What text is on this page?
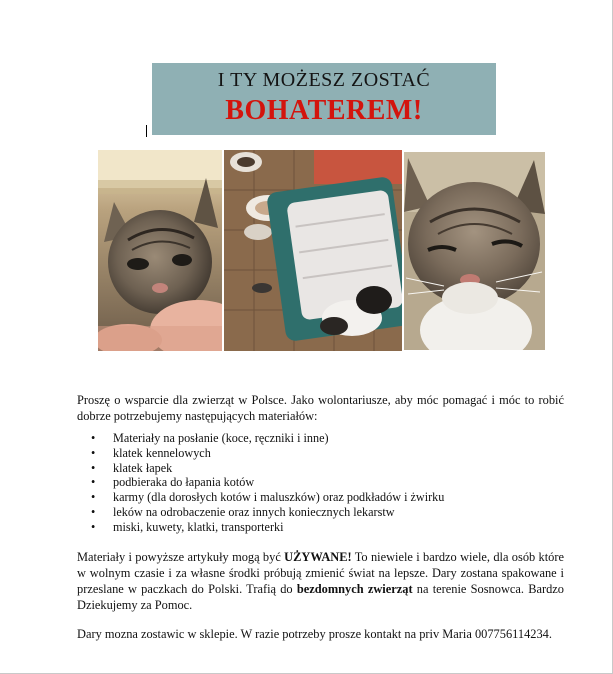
I TY MOŻESZ ZOSTAĆ
BOHATEREM!
Proszę o wsparcie dla zwierząt w Polsce. Jako wolontariusze, aby móc pomagać i móc to robić dobrze potrzebujemy następujących materiałów:
• Materiały na posłanie (koce, ręczniki i inne)
• klatek kennelowych
• klatek łapek
• podbieraka do łapania kotów
• karmy (dla dorosłych kotów i maluszków) oraz podkładów i żwirku
• leków na odrobaczenie oraz innych koniecznych lekarstw
• miski, kuwety, klatki, transporterki
Materiały i powyższe artykuły mogą być UŻYWANE! To niewiele i bardzo wiele, dla osób które w wolnym czasie i za własne środki próbują zmienić świat na lepsze. Dary zostana spakowane i przeslane w paczkach do Polski. Trafią do bezdomnych zwierząt na terenie Sosnowca. Bardzo Dziekujemy za Pomoc.
Dary mozna zostawic w sklepie. W razie potrzeby prosze kontakt na priv Maria 007756114234.
